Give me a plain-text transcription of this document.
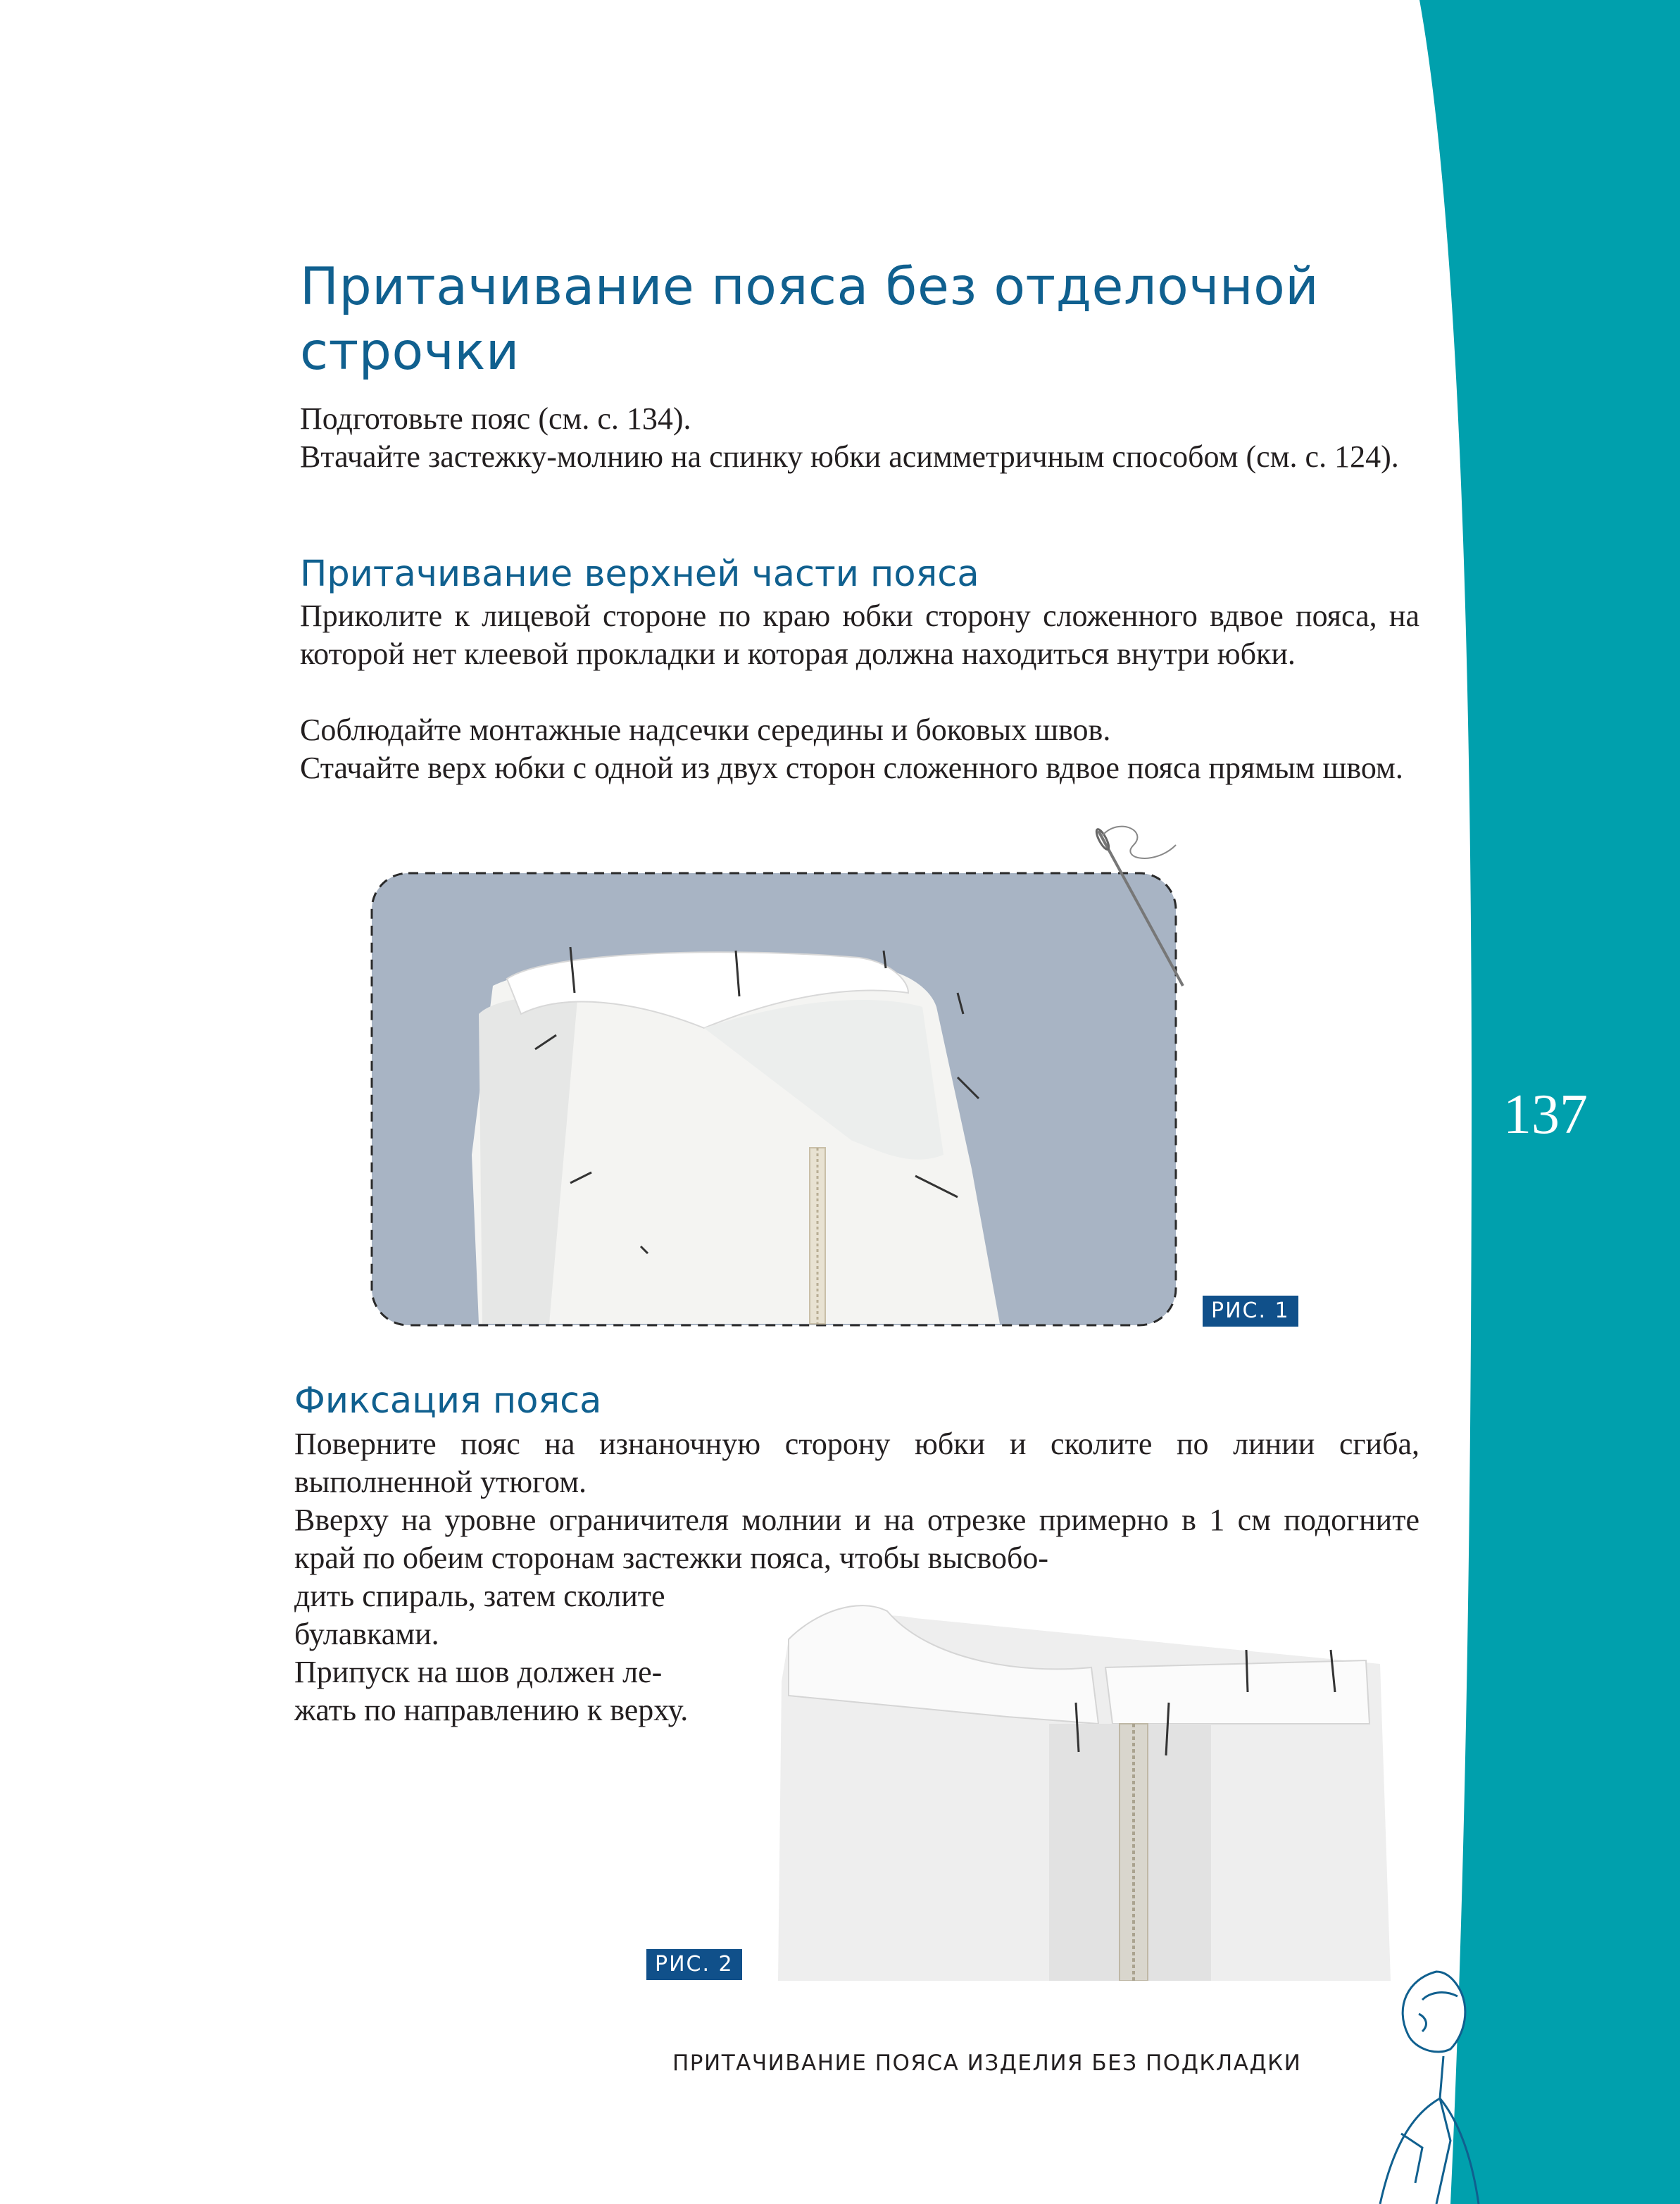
137
Притачивание пояса без отделочной строчки

Подготовьте пояс (см. с. 134).

Втачайте застежку-молнию на спинку юбки асимметричным способом (см. с. 124).

Притачивание верхней части пояса

Приколите к лицевой стороне по краю юбки сторону сложенного вдвое пояса, на которой нет клеевой прокладки и которая должна находиться внутри юбки.

Соблюдайте монтажные надсечки середины и боковых швов.

Стачайте верх юбки с одной из двух сторон сложенного вдвое пояса прямым швом.

РИС. 1
Фиксация пояса

Поверните пояс на изнаночную сторону юбки и сколите по линии сгиба, выполненной утюгом.

Вверху на уровне ограничителя молнии и на отрезке примерно в 1 см подогните край по обеим сторонам застежки пояса, чтобы высвобо-

дить спираль, затем сколите

булавками.

Припуск на шов должен ле-

жать по направлению к верху.

РИС. 2
ПРИТАЧИВАНИЕ ПОЯСА ИЗДЕЛИЯ БЕЗ ПОДКЛАДКИ
